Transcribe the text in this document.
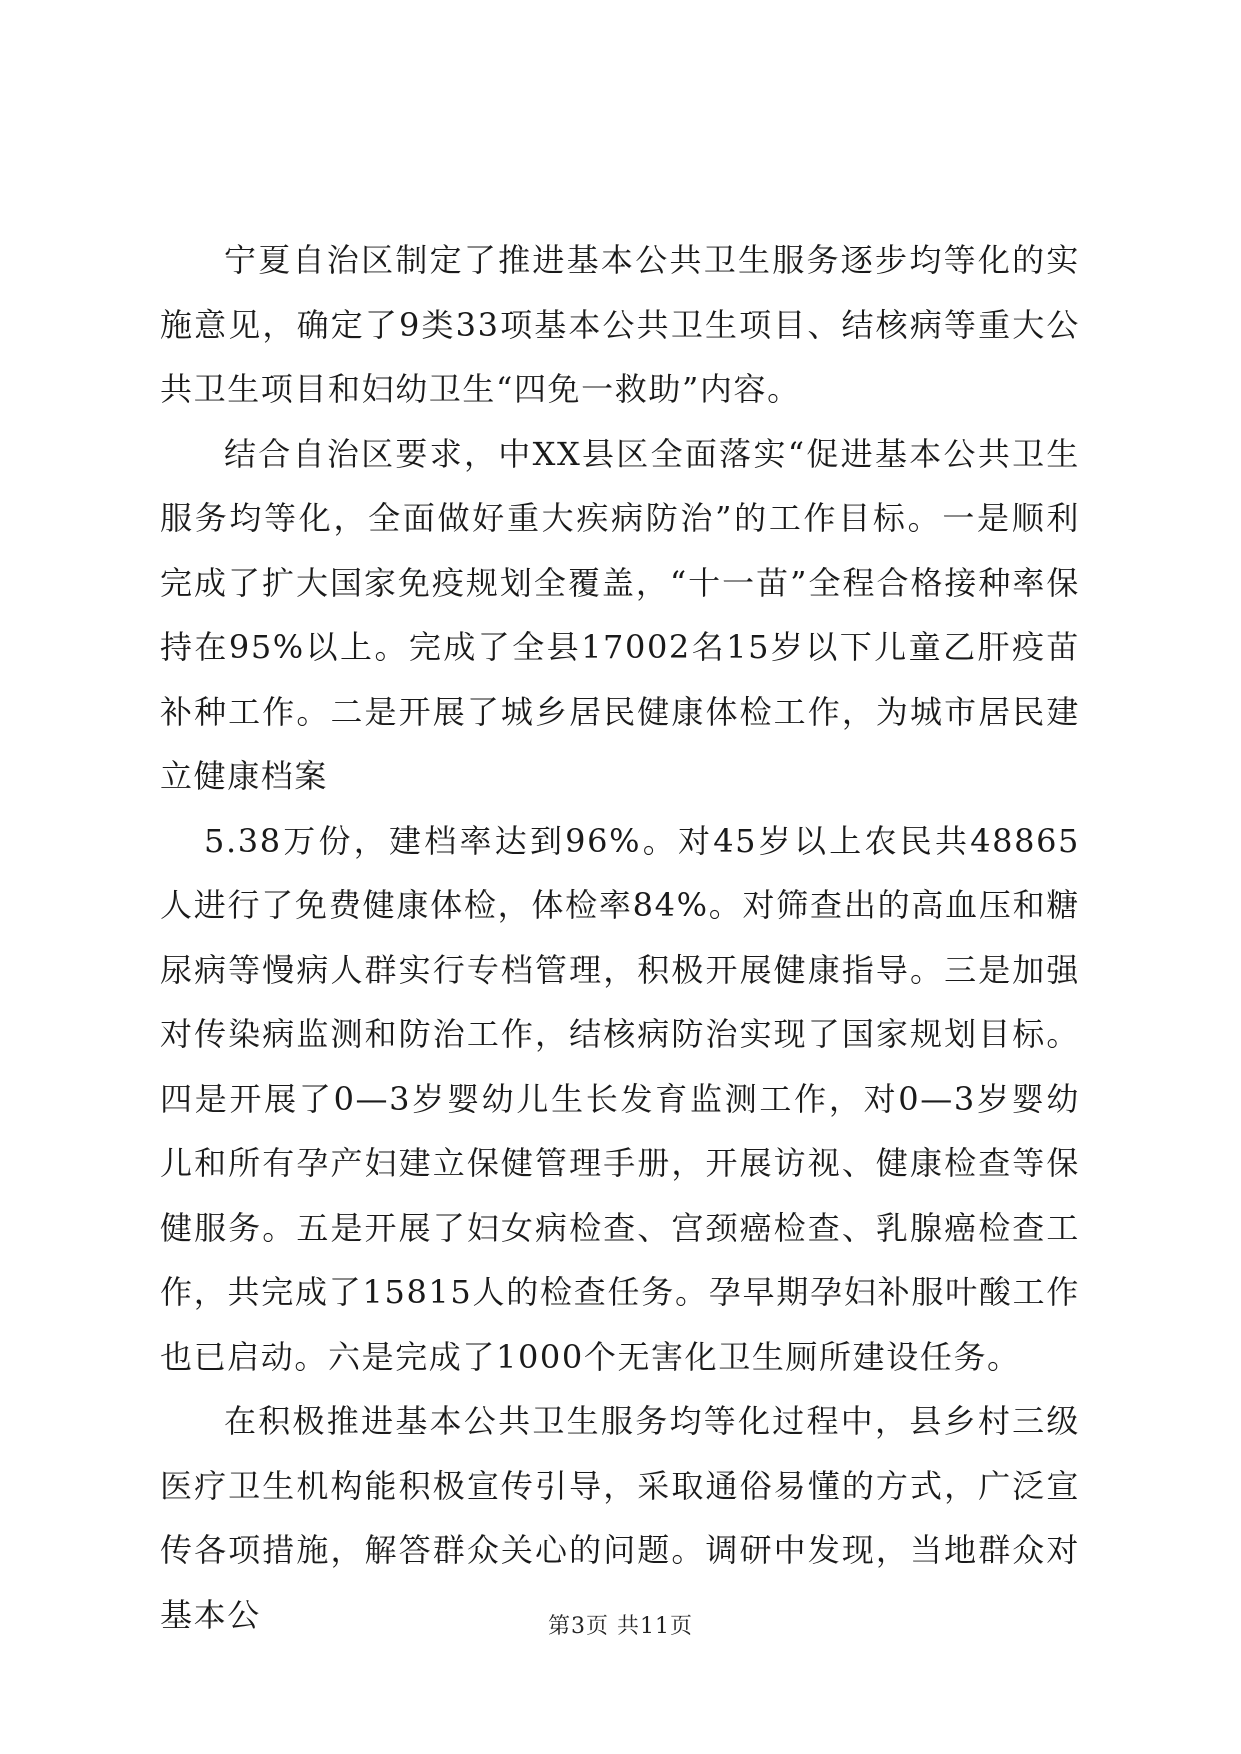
宁夏自治区制定了推进基本公共卫生服务逐步均等化的实施意见，确定了9类33项基本公共卫生项目、结核病等重大公共卫生项目和妇幼卫生“四免一救助”内容。

结合自治区要求，中XX县区全面落实“促进基本公共卫生服务均等化，全面做好重大疾病防治”的工作目标。一是顺利完成了扩大国家免疫规划全覆盖，“十一苗”全程合格接种率保持在95%以上。完成了全县17002名15岁以下儿童乙肝疫苗补种工作。二是开展了城乡居民健康体检工作，为城市居民建立健康档案

5.38万份，建档率达到96%。对45岁以上农民共48865人进行了免费健康体检，体检率84%。对筛查出的高血压和糖尿病等慢病人群实行专档管理，积极开展健康指导。三是加强对传染病监测和防治工作，结核病防治实现了国家规划目标。四是开展了0—3岁婴幼儿生长发育监测工作，对0—3岁婴幼儿和所有孕产妇建立保健管理手册，开展访视、健康检查等保健服务。五是开展了妇女病检查、宫颈癌检查、乳腺癌检查工作，共完成了15815人的检查任务。孕早期孕妇补服叶酸工作也已启动。六是完成了1000个无害化卫生厕所建设任务。

在积极推进基本公共卫生服务均等化过程中，县乡村三级医疗卫生机构能积极宣传引导，采取通俗易懂的方式，广泛宣传各项措施，解答群众关心的问题。调研中发现，当地群众对基本公	第3页 共11页
